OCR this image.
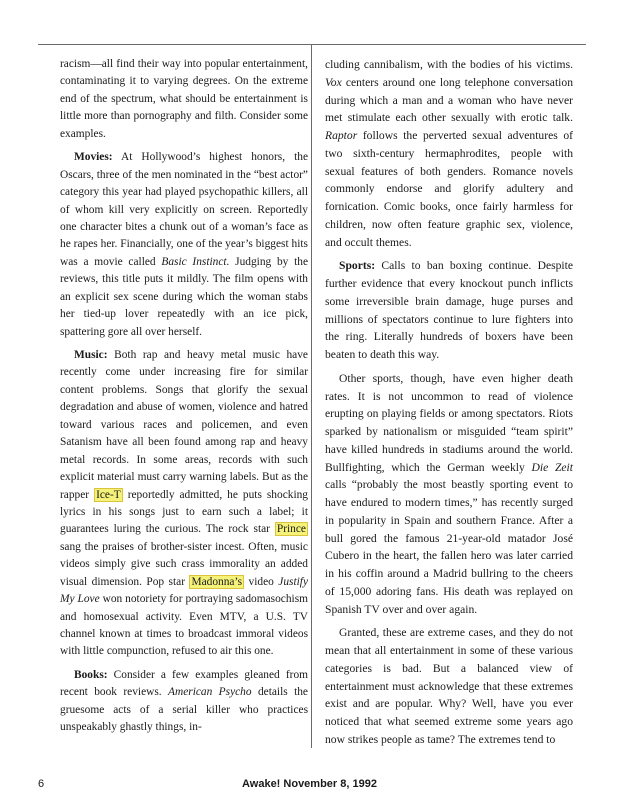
racism—all find their way into popular entertainment, contaminating it to varying degrees. On the extreme end of the spectrum, what should be entertainment is little more than pornography and filth. Consider some examples.

Movies: At Hollywood’s highest honors, the Oscars, three of the men nominated in the “best actor” category this year had played psychopathic killers, all of whom kill very explicitly on screen. Reportedly one character bites a chunk out of a woman’s face as he rapes her. Financially, one of the year’s biggest hits was a movie called Basic Instinct. Judging by the reviews, this title puts it mildly. The film opens with an explicit sex scene during which the woman stabs her tied-up lover repeatedly with an ice pick, spattering gore all over herself.

Music: Both rap and heavy metal music have recently come under increasing fire for similar content problems. Songs that glorify the sexual degradation and abuse of women, violence and hatred toward various races and policemen, and even Satanism have all been found among rap and heavy metal records. In some areas, records with such explicit material must carry warning labels. But as the rapper Ice-T reportedly admitted, he puts shocking lyrics in his songs just to earn such a label; it guarantees luring the curious. The rock star Prince sang the praises of brother-sister incest. Often, music videos simply give such crass immorality an added visual dimension. Pop star Madonna’s video Justify My Love won notoriety for portraying sadomasochism and homosexual activity. Even MTV, a U.S. TV channel known at times to broadcast immoral videos with little compunction, refused to air this one.

Books: Consider a few examples gleaned from recent book reviews. American Psycho details the gruesome acts of a serial killer who practices unspeakably ghastly things, in-

cluding cannibalism, with the bodies of his victims. Vox centers around one long telephone conversation during which a man and a woman who have never met stimulate each other sexually with erotic talk. Raptor follows the perverted sexual adventures of two sixth-century hermaphrodites, people with sexual features of both genders. Romance novels commonly endorse and glorify adultery and fornication. Comic books, once fairly harmless for children, now often feature graphic sex, violence, and occult themes.

Sports: Calls to ban boxing continue. Despite further evidence that every knockout punch inflicts some irreversible brain damage, huge purses and millions of spectators continue to lure fighters into the ring. Literally hundreds of boxers have been beaten to death this way.

Other sports, though, have even higher death rates. It is not uncommon to read of violence erupting on playing fields or among spectators. Riots sparked by nationalism or misguided “team spirit” have killed hundreds in stadiums around the world. Bullfighting, which the German weekly Die Zeit calls “probably the most beastly sporting event to have endured to modern times,” has recently surged in popularity in Spain and southern France. After a bull gored the famous 21-year-old matador José Cubero in the heart, the fallen hero was later carried in his coffin around a Madrid bullring to the cheers of 15,000 adoring fans. His death was replayed on Spanish TV over and over again.

Granted, these are extreme cases, and they do not mean that all entertainment in some of these various categories is bad. But a balanced view of entertainment must acknowledge that these extremes exist and are popular. Why? Well, have you ever noticed that what seemed extreme some years ago now strikes people as tame? The extremes tend to

6	Awake! November 8, 1992
